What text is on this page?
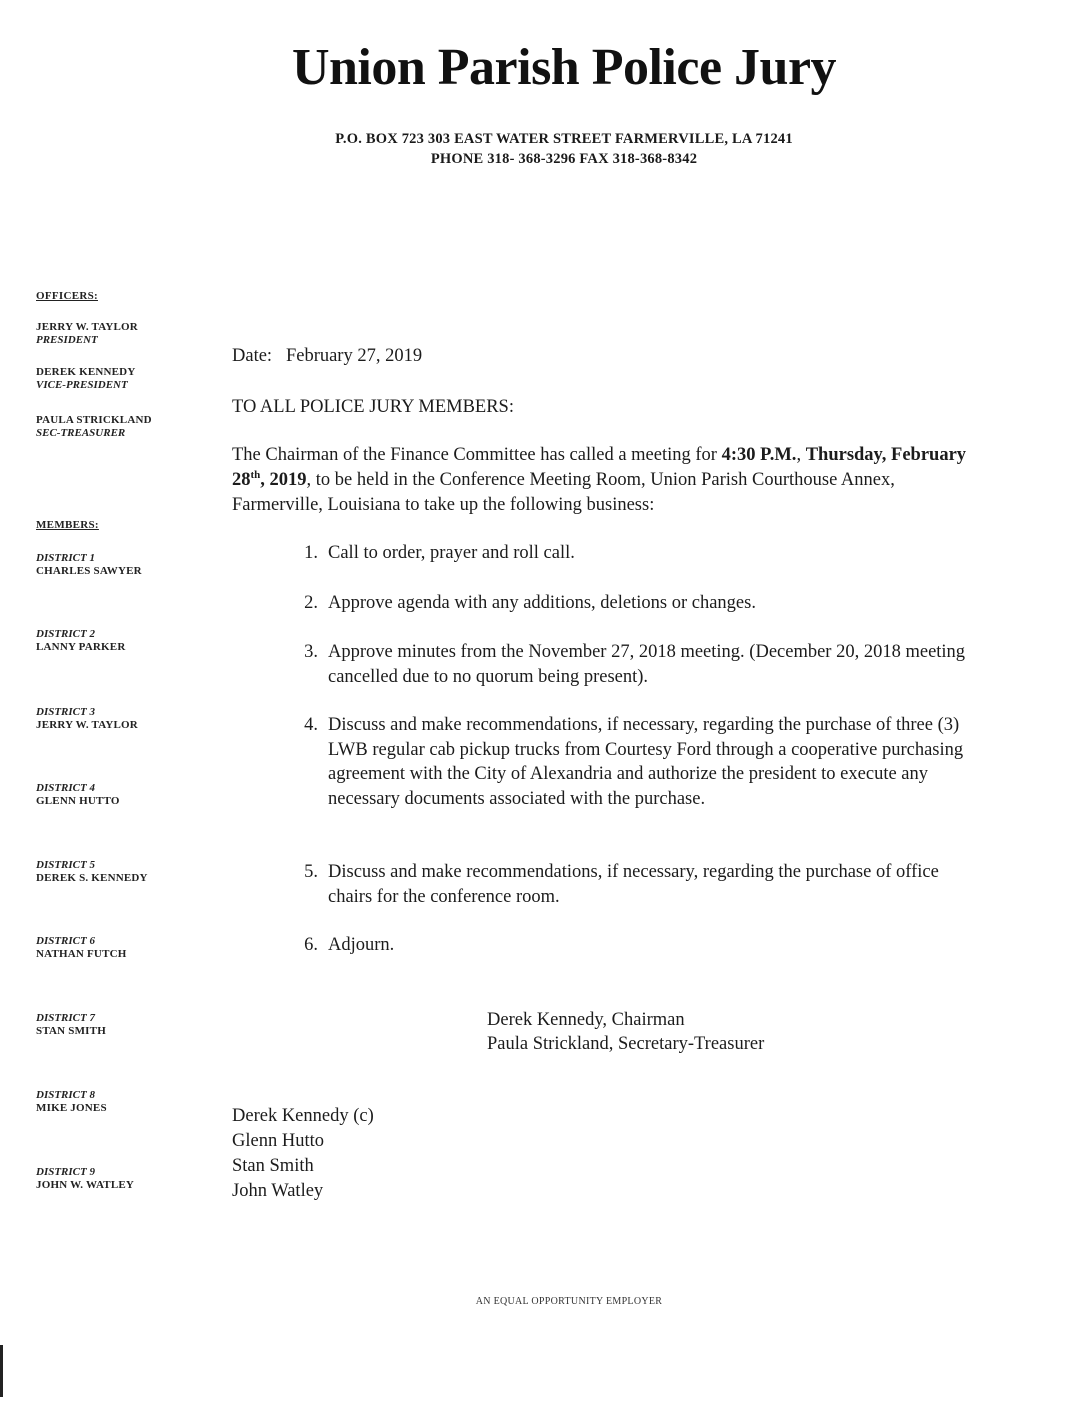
Union Parish Police Jury
P.O. BOX 723 303 EAST WATER STREET FARMERVILLE, LA 71241
PHONE 318- 368-3296 FAX 318-368-8342
OFFICERS:
JERRY W. TAYLOR
PRESIDENT
DEREK KENNEDY
VICE-PRESIDENT
PAULA STRICKLAND
SEC-TREASURER
MEMBERS:
DISTRICT 1
CHARLES SAWYER
DISTRICT 2
LANNY PARKER
DISTRICT 3
JERRY W. TAYLOR
DISTRICT 4
GLENN HUTTO
DISTRICT 5
DEREK S. KENNEDY
DISTRICT 6
NATHAN FUTCH
DISTRICT 7
STAN SMITH
DISTRICT 8
MIKE JONES
DISTRICT 9
JOHN W. WATLEY
Date: February 27, 2019
TO ALL POLICE JURY MEMBERS:
The Chairman of the Finance Committee has called a meeting for 4:30 P.M., Thursday, February 28th, 2019, to be held in the Conference Meeting Room, Union Parish Courthouse Annex, Farmerville, Louisiana to take up the following business:
1. Call to order, prayer and roll call.
2. Approve agenda with any additions, deletions or changes.
3. Approve minutes from the November 27, 2018 meeting. (December 20, 2018 meeting cancelled due to no quorum being present).
4. Discuss and make recommendations, if necessary, regarding the purchase of three (3) LWB regular cab pickup trucks from Courtesy Ford through a cooperative purchasing agreement with the City of Alexandria and authorize the president to execute any necessary documents associated with the purchase.
5. Discuss and make recommendations, if necessary, regarding the purchase of office chairs for the conference room.
6. Adjourn.
Derek Kennedy, Chairman
Paula Strickland, Secretary-Treasurer
Derek Kennedy (c)
Glenn Hutto
Stan Smith
John Watley
AN EQUAL OPPORTUNITY EMPLOYER
